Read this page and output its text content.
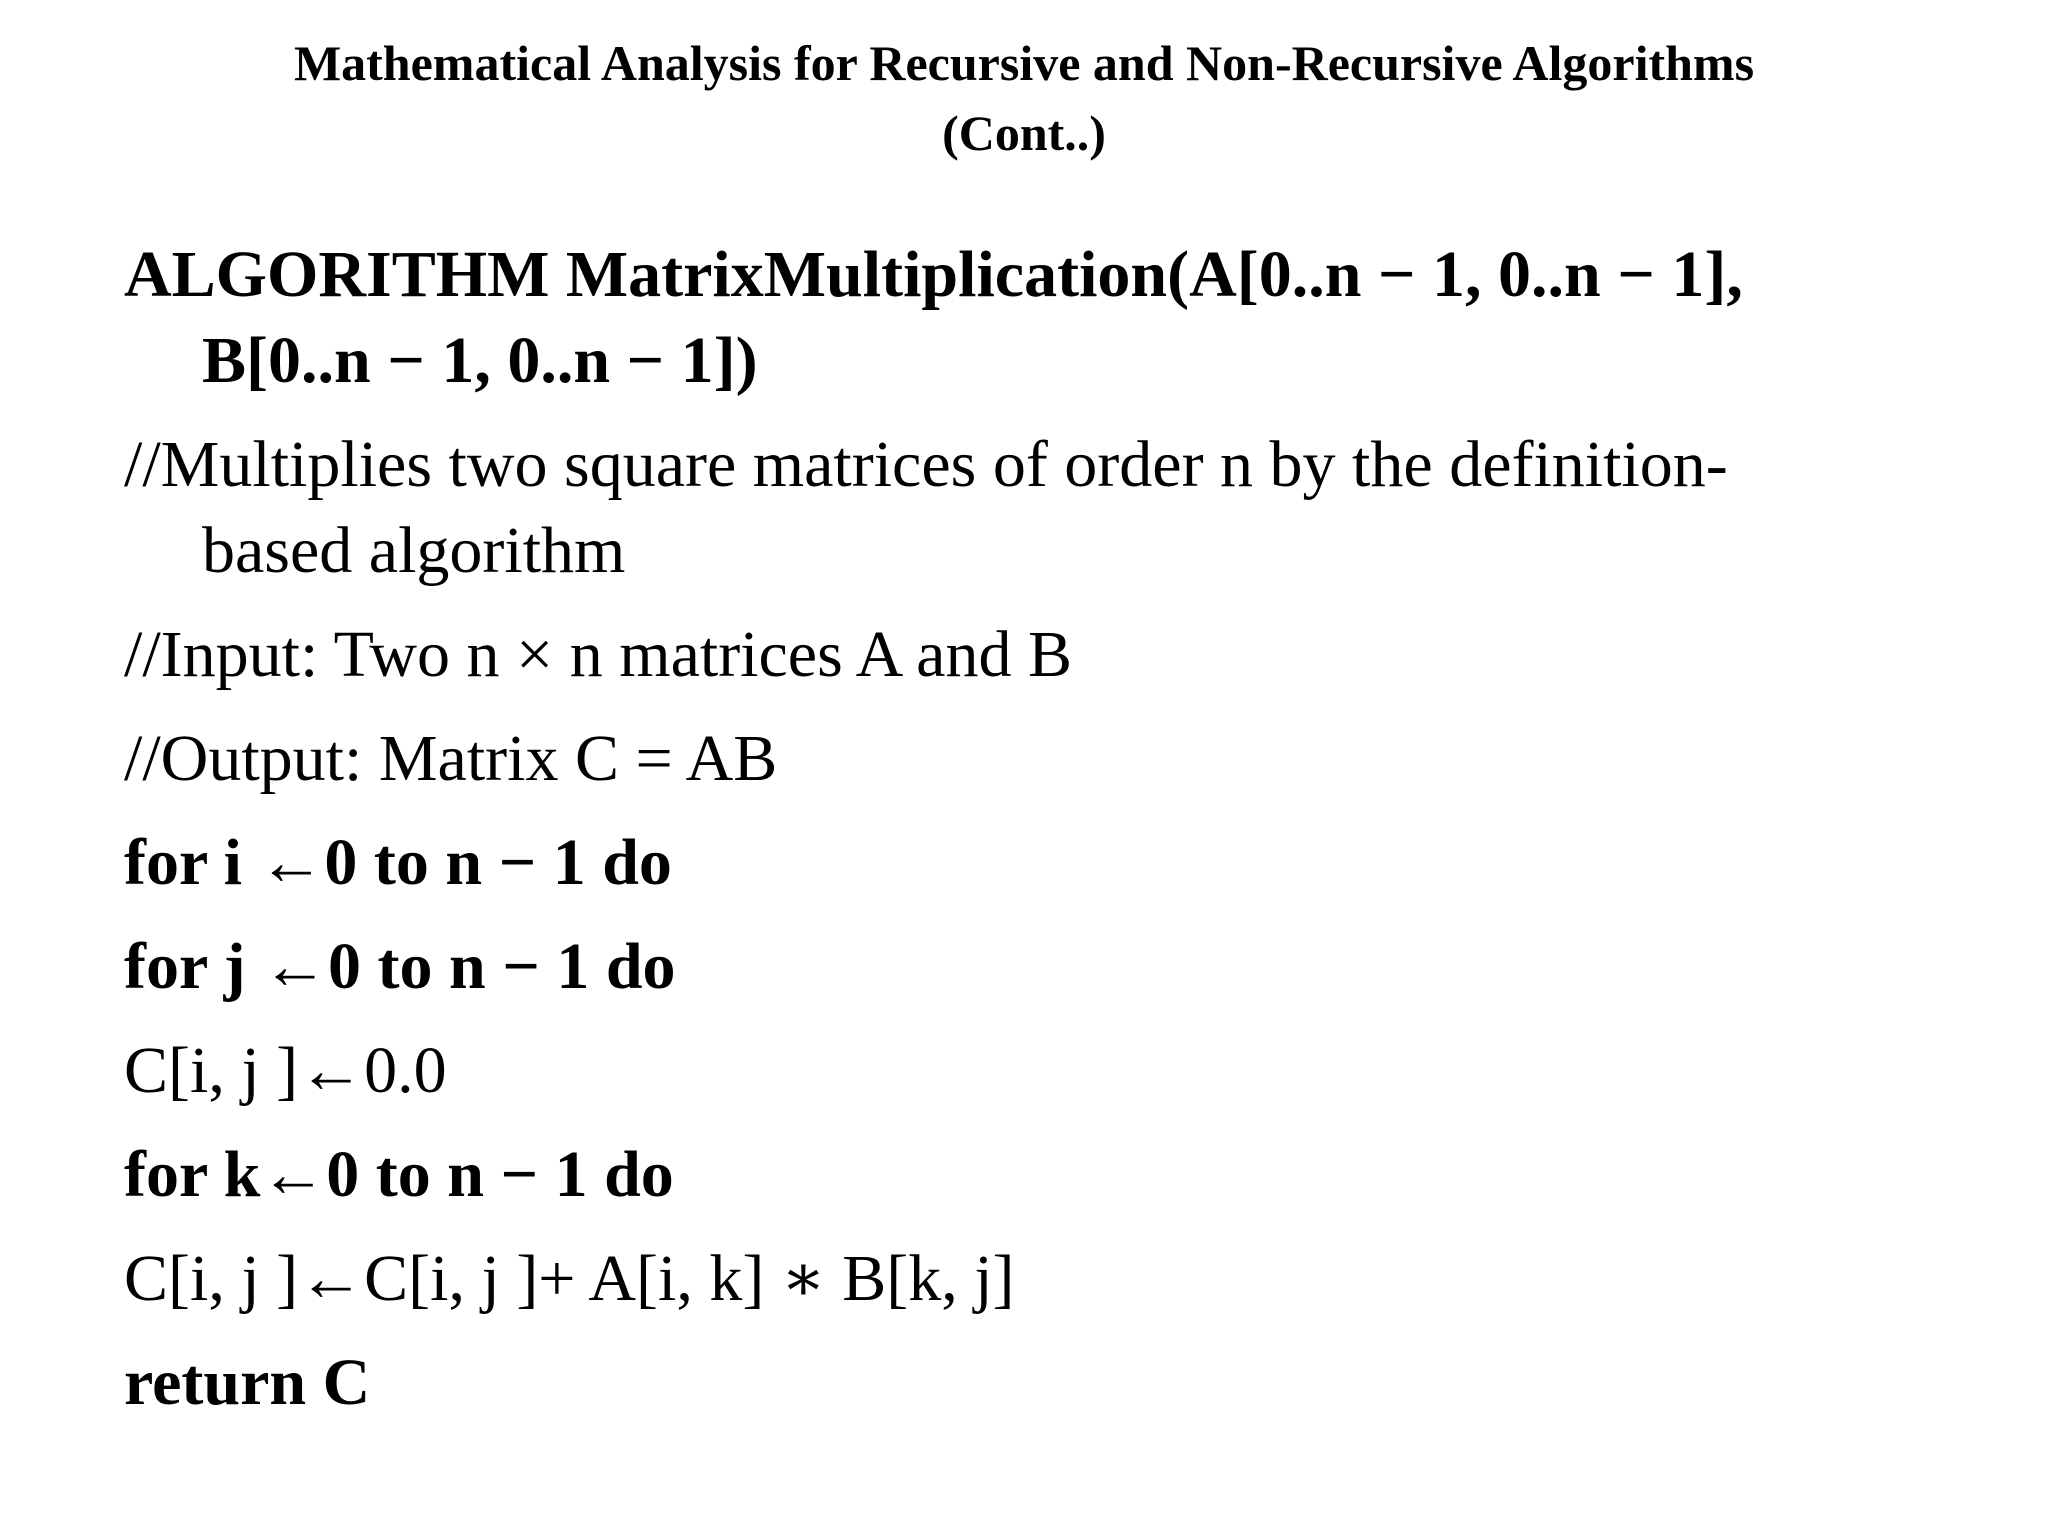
Mathematical Analysis for Recursive and Non-Recursive Algorithms
(Cont..)
ALGORITHM MatrixMultiplication(A[0..n − 1, 0..n − 1],
B[0..n − 1, 0..n − 1])
//Multiplies two square matrices of order n by the definition-
based algorithm
//Input: Two n × n matrices A and B
//Output: Matrix C = AB
for i ←0 to n − 1 do
for j ←0 to n − 1 do
C[i, j ]←0.0
for k←0 to n − 1 do
C[i, j ]←C[i, j ]+ A[i, k] ∗ B[k, j]
return C
